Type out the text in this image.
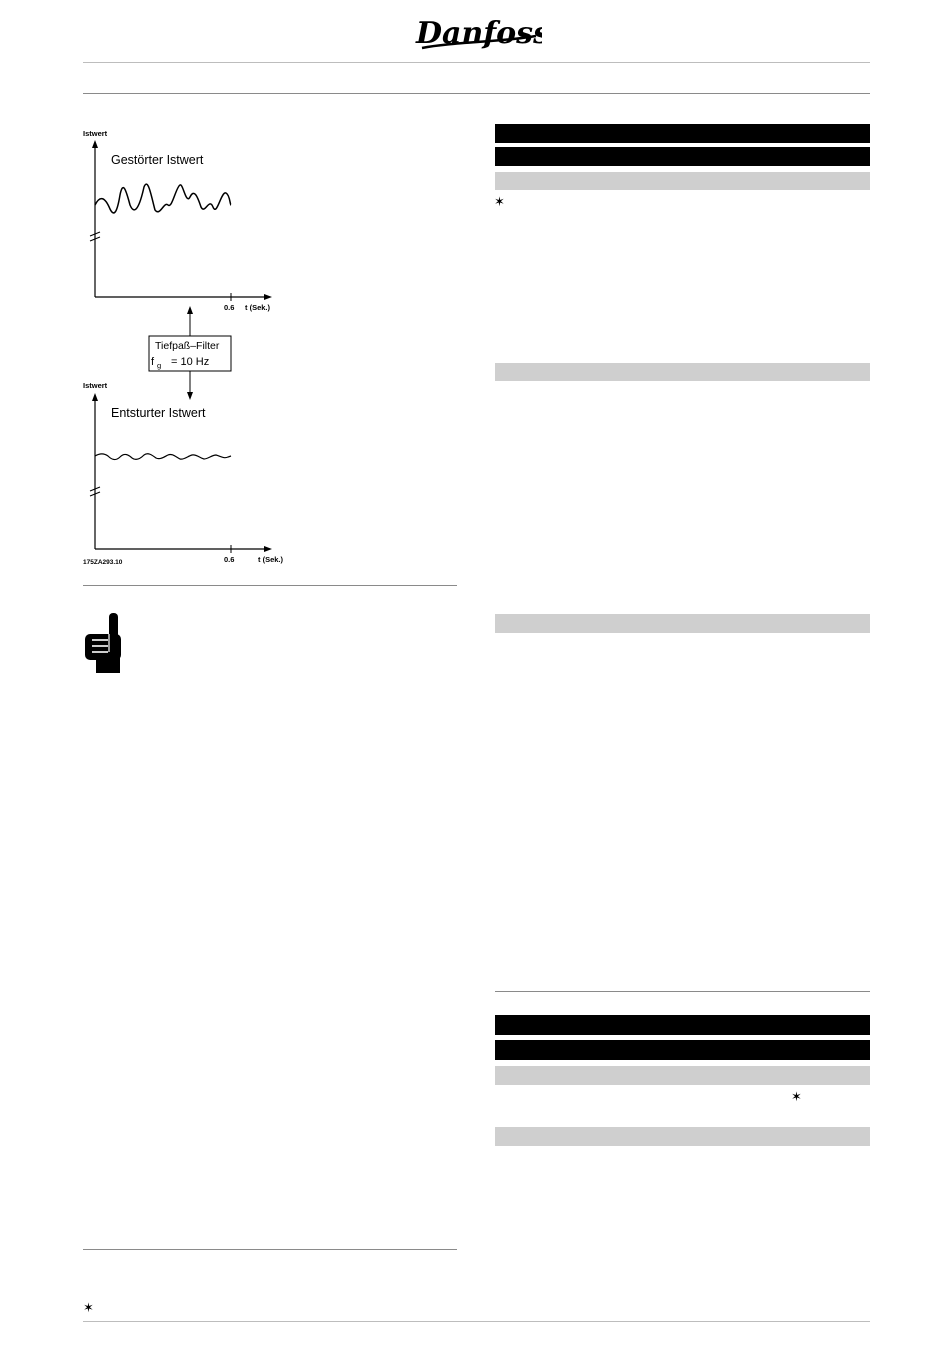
Danfoss
Istwert
Gestörter Istwert
0.6 t (Sek.)
Tiefpaß–Filter
f g = 10 Hz
Istwert
Entsturter Istwert
175ZA293.10	0.6	t (Sek.)
✶
✶
✶
